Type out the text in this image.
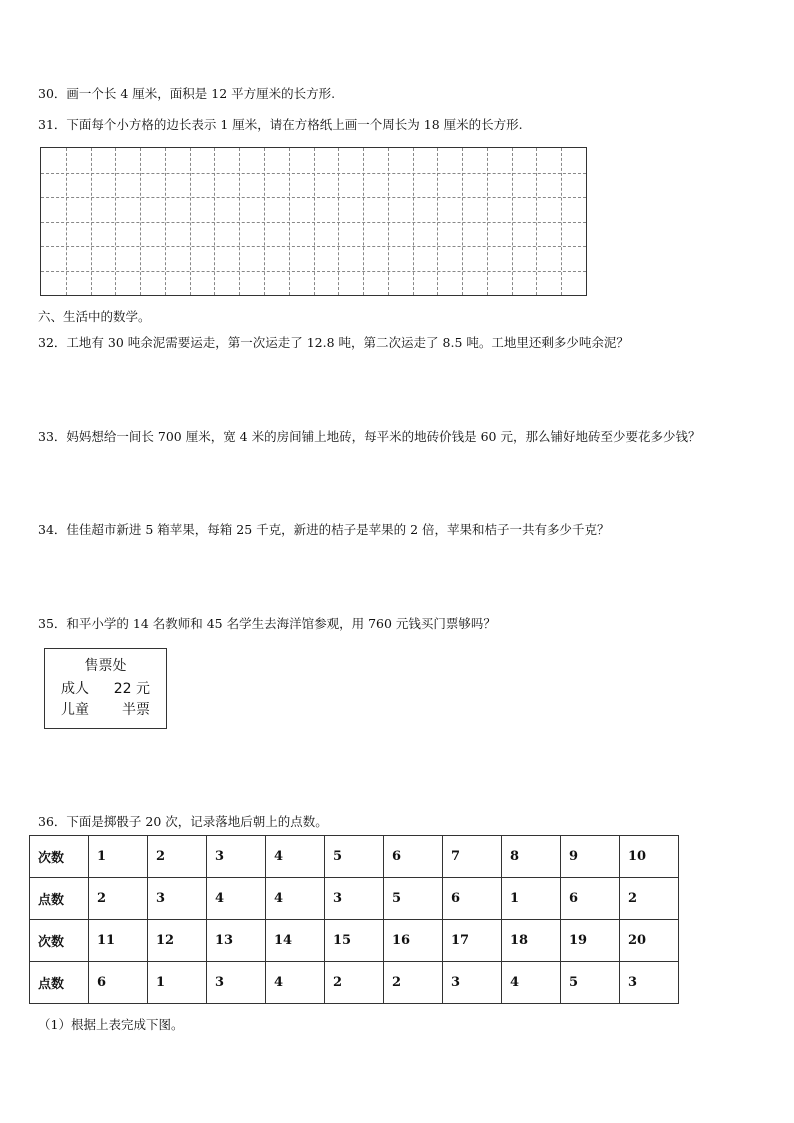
30．画一个长 4 厘米，面积是 12 平方厘米的长方形.
31．下面每个小方格的边长表示 1 厘米，请在方格纸上画一个周长为 18 厘米的长方形.
六、生活中的数学。
32．工地有 30 吨余泥需要运走，第一次运走了 12.8 吨，第二次运走了 8.5 吨。工地里还剩多少吨余泥？
33．妈妈想给一间长 700 厘米，宽 4 米的房间铺上地砖，每平米的地砖价钱是 60 元，那么铺好地砖至少要花多少钱？
34．佳佳超市新进 5 箱苹果，每箱 25 千克，新进的桔子是苹果的 2 倍，苹果和桔子一共有多少千克？
35．和平小学的 14 名教师和 45 名学生去海洋馆参观，用 760 元钱买门票够吗？
售票处
成人 22 元
儿童 半票
36．下面是掷骰子 20 次，记录落地后朝上的点数。
次数	1	2	3	4	5	6	7	8	9	10
点数	2	3	4	4	3	5	6	1	6	2
次数	11	12	13	14	15	16	17	18	19	20
点数	6	1	3	4	2	2	3	4	5	3
（1）根据上表完成下图。
